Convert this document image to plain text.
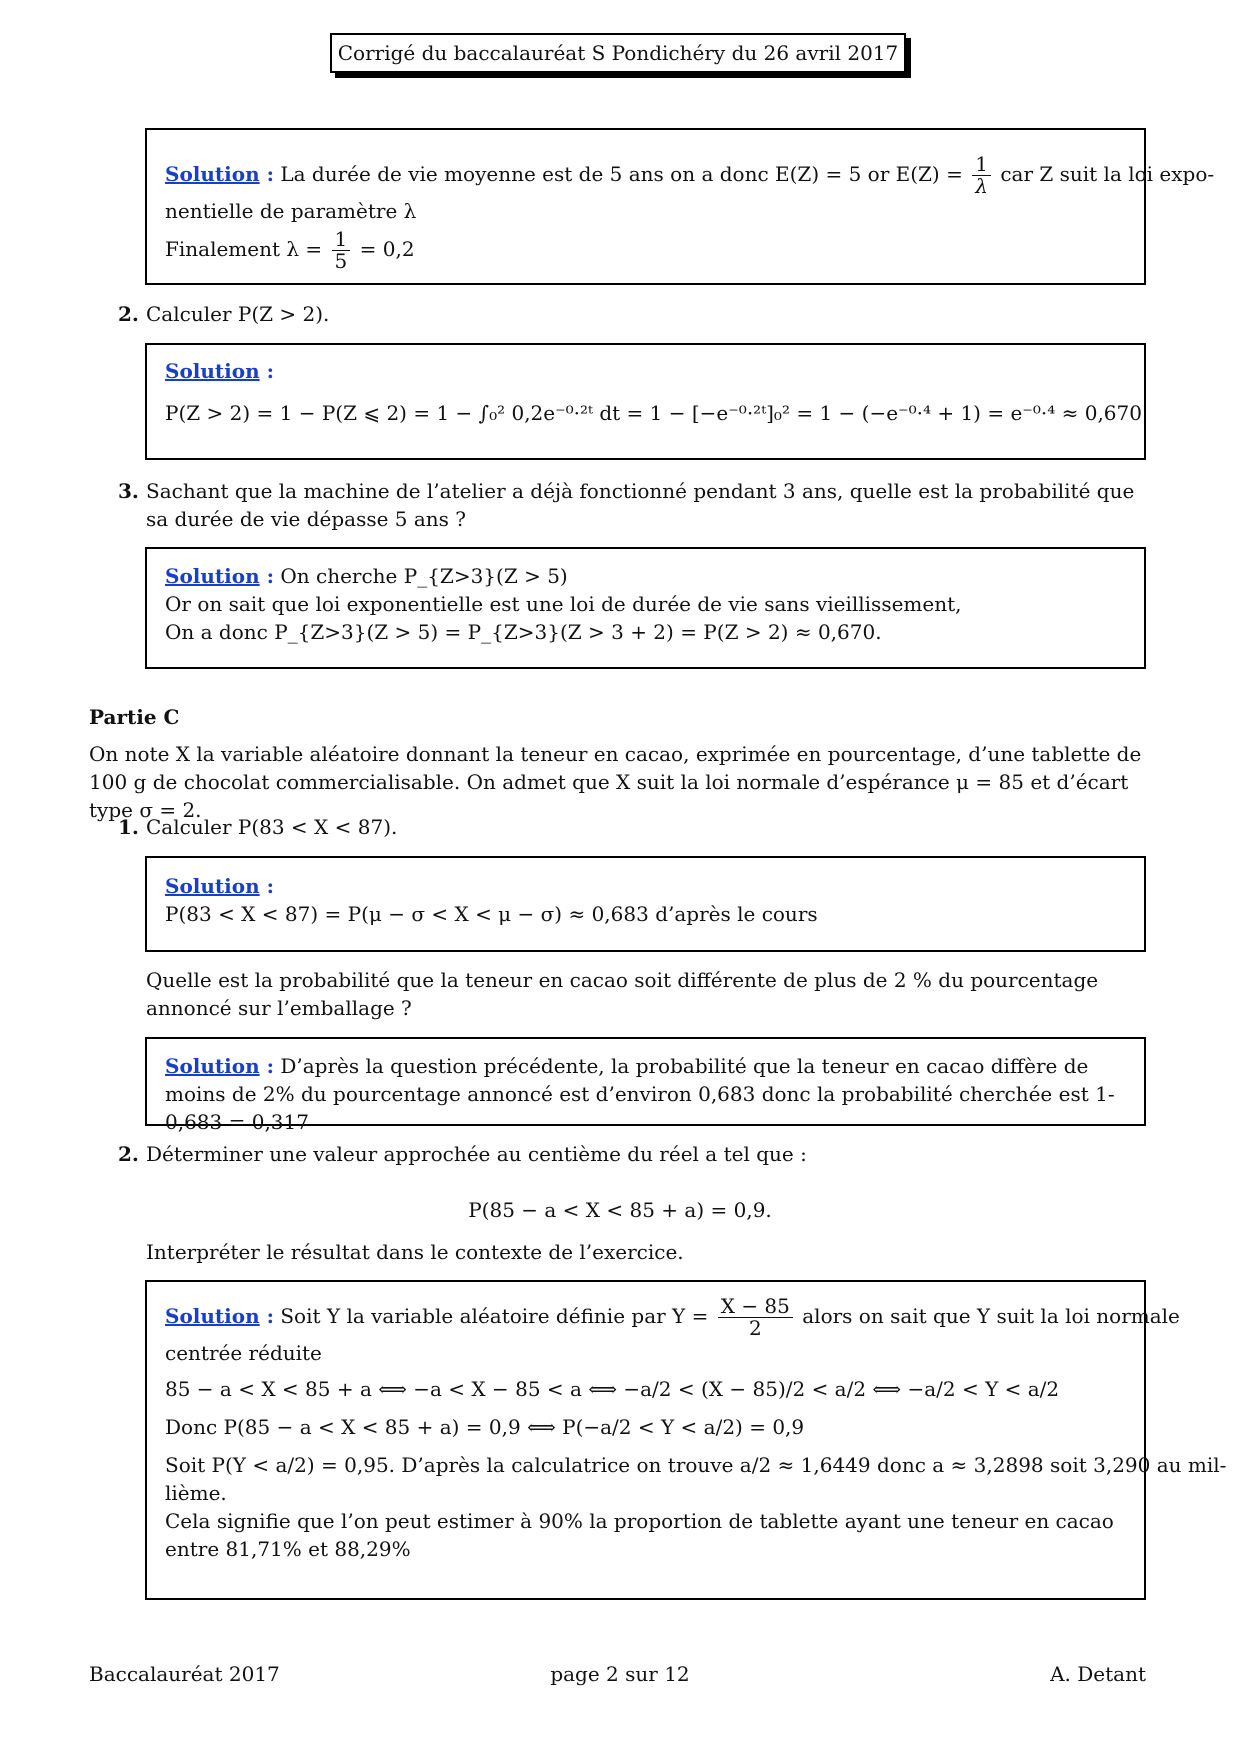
Corrigé du baccalauréat S Pondichéry du 26 avril 2017
Solution : La durée de vie moyenne est de 5 ans on a donc E(Z) = 5 or $E(Z) = \frac{1}{\lambda}$ car Z suit la loi expo-
nentielle de paramètre λ
Finalement $\lambda = \frac{1}{5} = 0,2$
2. Calculer P(Z > 2).
Solution :
P(Z > 2) = 1 − P(Z ⩽ 2) = 1 − ∫₀² 0,2e⁻⁰·²ᵗ dt = 1 − [−e⁻⁰·²ᵗ]₀² = 1 − (−e⁻⁰·⁴ + 1) = e⁻⁰·⁴ ≈ 0,670
3. Sachant que la machine de l’atelier a déjà fonctionné pendant 3 ans, quelle est la probabilité que sa durée de vie dépasse 5 ans ?
Solution : On cherche P_{Z>3}(Z > 5)
Or on sait que loi exponentielle est une loi de durée de vie sans vieillissement,
On a donc P_{Z>3}(Z > 5) = P_{Z>3}(Z > 3 + 2) = P(Z > 2) ≈ 0,670.
Partie C
On note X la variable aléatoire donnant la teneur en cacao, exprimée en pourcentage, d’une tablette de 100 g de chocolat commercialisable. On admet que X suit la loi normale d’espérance μ = 85 et d’écart type σ = 2.
1. Calculer P(83 < X < 87).
Solution :
P(83 < X < 87) = P(μ − σ < X < μ − σ) ≈ 0,683 d’après le cours
Quelle est la probabilité que la teneur en cacao soit différente de plus de 2 % du pourcentage annoncé sur l’emballage ?
Solution : D’après la question précédente, la probabilité que la teneur en cacao diffère de moins de 2% du pourcentage annoncé est d’environ 0,683 donc la probabilité cherchée est 1-0,683 = 0,317
2. Déterminer une valeur approchée au centième du réel a tel que :
P(85 − a < X < 85 + a) = 0,9.
Interpréter le résultat dans le contexte de l’exercice.
Solution : Soit Y la variable aléatoire définie par $Y = \frac{X - 85}{2}$ alors on sait que Y suit la loi normale
centrée réduite
85 − a < X < 85 + a ⟺ −a < X − 85 < a ⟺ −a/2 < (X − 85)/2 < a/2 ⟺ −a/2 < Y < a/2
Donc P(85 − a < X < 85 + a) = 0,9 ⟺ P(−a/2 < Y < a/2) = 0,9
Soit P(Y < a/2) = 0,95. D’après la calculatrice on trouve a/2 ≈ 1,6449 donc a ≈ 3,2898 soit 3,290 au mil-
lième.
Cela signifie que l’on peut estimer à 90% la proportion de tablette ayant une teneur en cacao entre 81,71% et 88,29%
Baccalauréat 2017	page 2 sur 12	A. Detant
